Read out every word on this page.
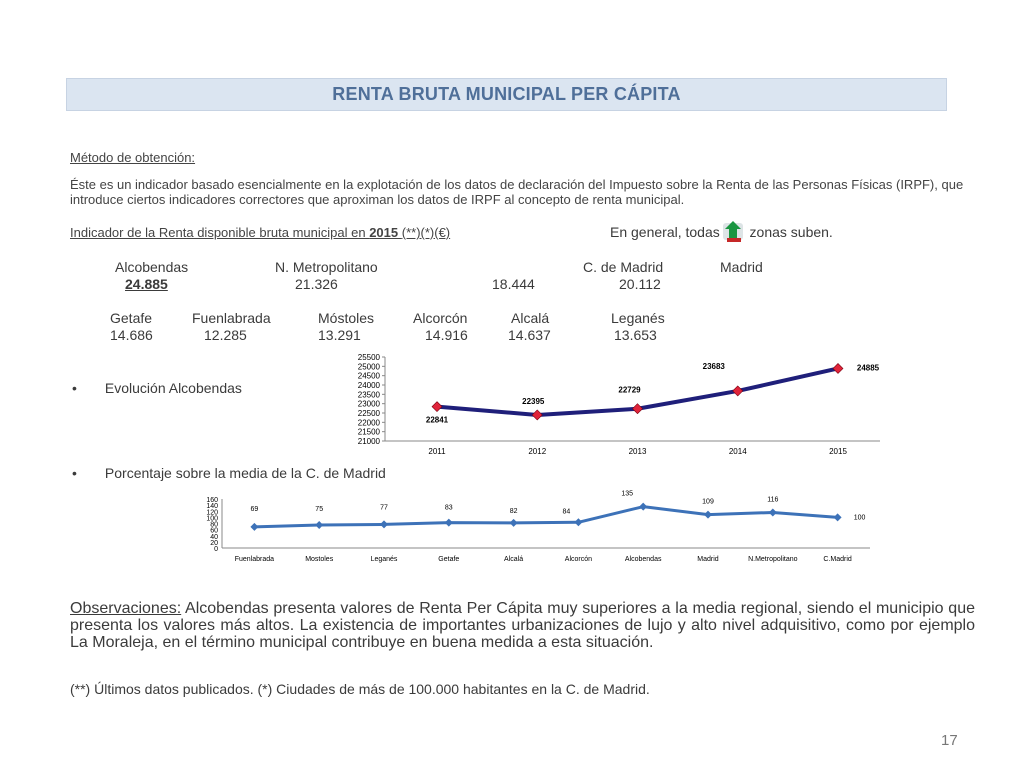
RENTA BRUTA MUNICIPAL PER CÁPITA
Método de obtención:
Éste es un indicador basado esencialmente en la explotación de los datos de declaración del Impuesto sobre la Renta de las Personas Físicas (IRPF), que introduce ciertos indicadores correctores que aproximan los datos de IRPF al concepto de renta municipal.
Indicador de la Renta disponible bruta municipal en 2015 (**)(*)(€)	En general, todas zonas suben.
Alcobendas	N. Metropolitano	C. de Madrid	Madrid
24.885	21.326	18.444	20.112
Getafe	Fuenlabrada	Móstoles	Alcorcón	Alcalá	Leganés
14.686	12.285	13.291	14.916	14.637	13.653
• Evolución Alcobendas
21000
21500
22000
22500
23000
23500
24000
24500
25000
25500
2011	2012	2013	2014	2015
22841
22395
22729
23683	24885
• Porcentaje sobre la media de la C. de Madrid
0
20
40
60
80
100
120
140
160
Fuenlabrada	Mostoles	Leganés	Getafe	Alcalá	Alcorcón	Alcobendas	Madrid	N.Metropolitano	C.Madrid
69	75	77	83	82	84
135
109	116
100
Observaciones: Alcobendas presenta valores de Renta Per Cápita muy superiores a la media regional, siendo el municipio que presenta los valores más altos. La existencia de importantes urbanizaciones de lujo y alto nivel adquisitivo, como por ejemplo La Moraleja, en el término municipal contribuye en buena medida a esta situación.
(**) Últimos datos publicados. (*) Ciudades de más de 100.000 habitantes en la C. de Madrid.
17
